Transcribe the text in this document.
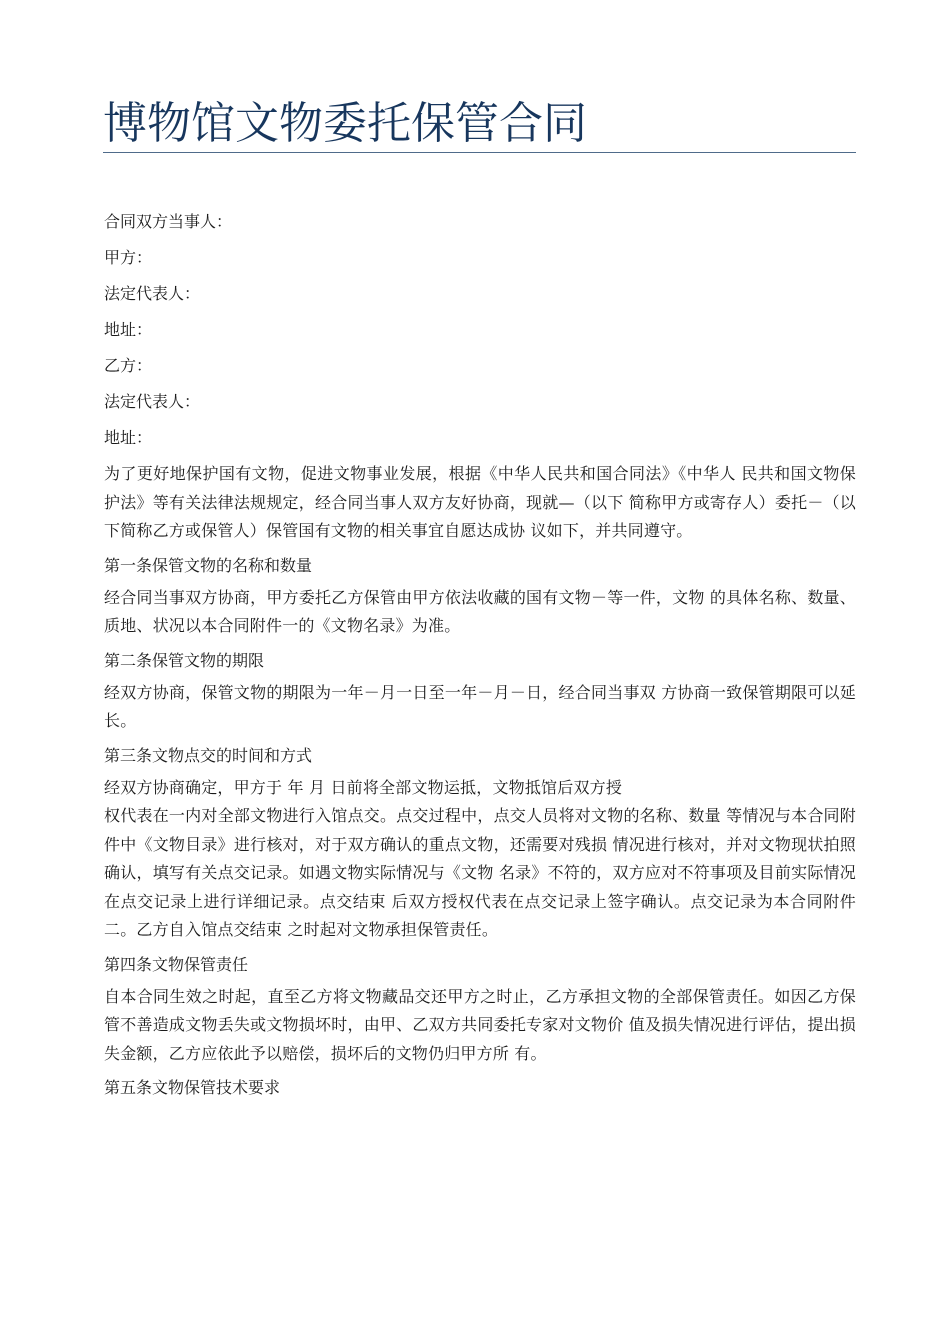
博物馆文物委托保管合同

合同双方当事人：

甲方：

法定代表人：

地址：

乙方：

法定代表人：

地址：

为了更好地保护国有文物，促进文物事业发展，根据《中华人民共和国合同法》《中华人 民共和国文物保护法》等有关法律法规规定，经合同当事人双方友好协商，现就—（以下 简称甲方或寄存人）委托－（以下简称乙方或保管人）保管国有文物的相关事宜自愿达成协 议如下，并共同遵守。

第一条保管文物的名称和数量

经合同当事双方协商，甲方委托乙方保管由甲方依法收藏的国有文物－等一件，文物 的具体名称、数量、质地、状况以本合同附件一的《文物名录》为准。

第二条保管文物的期限

经双方协商，保管文物的期限为一年－月一日至一年－月－日，经合同当事双 方协商一致保管期限可以延长。

第三条文物点交的时间和方式

经双方协商确定，甲方于 年 月 日前将全部文物运抵，文物抵馆后双方授

权代表在一内对全部文物进行入馆点交。点交过程中，点交人员将对文物的名称、数量 等情况与本合同附件中《文物目录》进行核对，对于双方确认的重点文物，还需要对残损 情况进行核对，并对文物现状拍照确认，填写有关点交记录。如遇文物实际情况与《文物 名录》不符的，双方应对不符事项及目前实际情况在点交记录上进行详细记录。点交结束 后双方授权代表在点交记录上签字确认。点交记录为本合同附件二。乙方自入馆点交结束 之时起对文物承担保管责任。

第四条文物保管责任

自本合同生效之时起，直至乙方将文物藏品交还甲方之时止，乙方承担文物的全部保管责任。如因乙方保管不善造成文物丢失或文物损坏时，由甲、乙双方共同委托专家对文物价 值及损失情况进行评估，提出损失金额，乙方应依此予以赔偿，损坏后的文物仍归甲方所 有。

第五条文物保管技术要求
